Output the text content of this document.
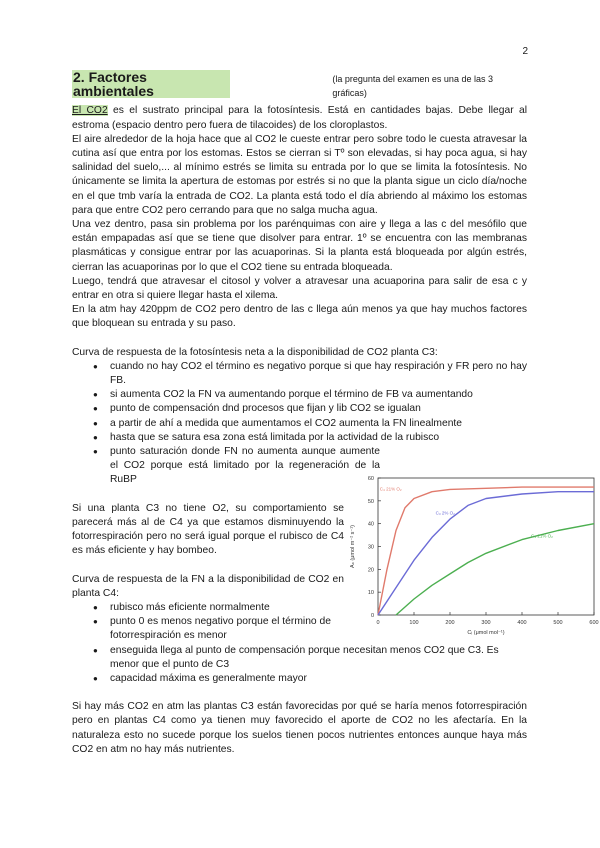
2
2. Factores ambientales
(la pregunta del examen es una de las 3 gráficas)

El CO2 es el sustrato principal para la fotosíntesis. Está en cantidades bajas. Debe llegar al estroma (espacio dentro pero fuera de tilacoides) de los cloroplastos.

El aire alrededor de la hoja hace que al CO2 le cueste entrar pero sobre todo le cuesta atravesar la cutina así que entra por los estomas. Estos se cierran si Tº son elevadas, si hay poca agua, si hay salinidad del suelo,... al mínimo estrés se limita su entrada por lo que se limita la fotosíntesis. No únicamente se limita la apertura de estomas por estrés si no que la planta sigue un ciclo día/noche en el que tmb varía la entrada de CO2. La planta está todo el día abriendo al máximo los estomas para que entre CO2 pero cerrando para que no salga mucha agua.

Una vez dentro, pasa sin problema por los parénquimas con aire y llega a las c del mesófilo que están empapadas así que se tiene que disolver para entrar. 1º se encuentra con las membranas plasmáticas y consigue entrar por las acuaporinas. Si la planta está bloqueada por algún estrés, cierran las acuaporinas por lo que el CO2 tiene su entrada bloqueada.

Luego, tendrá que atravesar el citosol y volver a atravesar una acuaporina para salir de esa c y entrar en otra si quiere llegar hasta el xilema.

En la atm hay 420ppm de CO2 pero dentro de las c llega aún menos ya que hay muchos factores que bloquean su entrada y su paso.

Curva de respuesta de la fotosíntesis neta a la disponibilidad de CO2 planta C3:

● cuando no hay CO2 el término es negativo porque si que hay respiración y FR pero no hay FB.
● si aumenta CO2 la FN va aumentando porque el término de FB va aumentando
● punto de compensación dnd procesos que fijan y lib CO2 se igualan
● a partir de ahí a medida que aumentamos el CO2 aumenta la FN linealmente
● hasta que se satura esa zona está limitada por la actividad de la rubisco
● punto saturación donde FN no aumenta aunque aumente el CO2 porque está limitado por la regeneración de la RuBP

Si una planta C3 no tiene O2, su comportamiento se parecerá más al de C4 ya que estamos disminuyendo la fotorrespiración pero no será igual porque el rubisco de C4 es más eficiente y hay bombeo.

Curva de respuesta de la FN a la disponibilidad de CO2 en planta C4:

● rubisco más eficiente normalmente
● punto 0 es menos negativo porque el término de fotorrespiración es menor
● enseguida llega al punto de compensación porque necesitan menos CO2 que C3. Es menor que el punto de C3
● capacidad máxima es generalmente mayor
0	100	200	300	400	500	600
0
10
20
30
40
50
60
Cᵢ (μmol mol⁻¹)
Aₙ (μmol m⁻² s⁻¹)
C₄ 21% O₂
C₃ 2% O₂
C₃ 21% O₂

Si hay más CO2 en atm las plantas C3 están favorecidas por qué se haría menos fotorrespiración pero en plantas C4 como ya tienen muy favorecido el aporte de CO2 no les afectaría. En la naturaleza esto no sucede porque los suelos tienen pocos nutrientes entonces aunque haya más CO2 en atm no hay más nutrientes.
